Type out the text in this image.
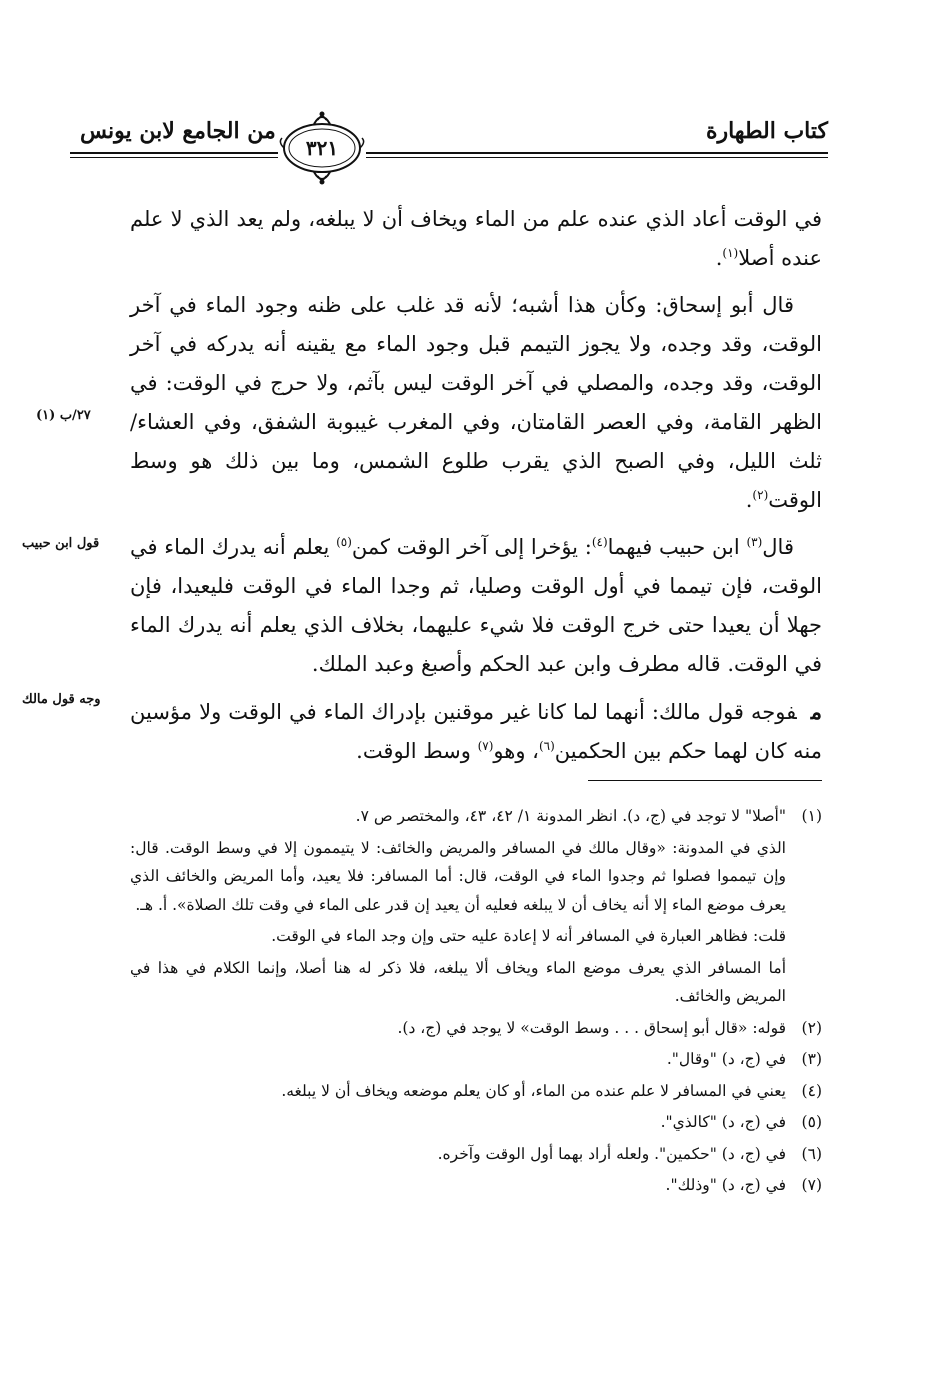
كتاب الطهارة
من الجامع لابن يونس
٣٢١
٢٧/ب (١)
قول ابن حبيب
وجه قول مالك

في الوقت أعاد الذي عنده علم من الماء ويخاف أن لا يبلغه، ولم يعد الذي لا علم عنده أصلا$^{(١)}$.

قال أبو إسحاق: وكأن هذا أشبه؛ لأنه قد غلب على ظنه وجود الماء في آخر الوقت، وقد وجده، ولا يجوز التيمم قبل وجود الماء مع يقينه أنه يدركه في آخر الوقت، وقد وجده، والمصلي في آخر الوقت ليس بآثم، ولا حرج في الوقت: في الظهر القامة، وفي العصر القامتان، وفي المغرب غيبوبة الشفق، وفي العشاء/ ثلث الليل، وفي الصبح الذي يقرب طلوع الشمس، وما بين ذلك هو وسط الوقت$^{(٢)}$.

قال$^{(٣)}$ ابن حبيب فيهما$^{(٤)}$: يؤخرا إلى آخر الوقت كمن$^{(٥)}$ يعلم أنه يدرك الماء في الوقت، فإن تيمما في أول الوقت وصليا، ثم وجدا الماء في الوقت فليعيدا، فإن جهلا أن يعيدا حتى خرج الوقت فلا شيء عليهما، بخلاف الذي يعلم أنه يدرك الماء في الوقت. قاله مطرف وابن عبد الحكم وأصبغ وعبد الملك.

مفوجه قول مالك: أنهما لما كانا غير موقنين بإدراك الماء في الوقت ولا مؤسين منه كان لهما حكم بين الحكمين$^{(٦)}$، وهو$^{(٧)}$ وسط الوقت.

(١)
"أصلا" لا توجد في (ج، د). انظر المدونة ١/ ٤٢، ٤٣، والمختصر ص ٧.
الذي في المدونة: «وقال مالك في المسافر والمريض والخائف: لا يتيممون إلا في وسط الوقت. قال: وإن تيمموا فصلوا ثم وجدوا الماء في الوقت، قال: أما المسافر: فلا يعيد، وأما المريض والخائف الذي يعرف موضع الماء إلا أنه يخاف أن لا يبلغه فعليه أن يعيد إن قدر على الماء في وقت تلك الصلاة». أ. هـ.
قلت: فظاهر العبارة في المسافر أنه لا إعادة عليه حتى وإن وجد الماء في الوقت.
أما المسافر الذي يعرف موضع الماء ويخاف ألا يبلغه، فلا ذكر له هنا أصلا، وإنما الكلام في هذا في المريض والخائف.
(٢)
قوله: «قال أبو إسحاق . . . وسط الوقت» لا يوجد في (ج، د).
(٣)
في (ج، د) "وقال".
(٤)
يعني في المسافر لا علم عنده من الماء، أو كان يعلم موضعه ويخاف أن لا يبلغه.
(٥)
في (ج، د) "كالذي".
(٦)
في (ج، د) "حكمين". ولعله أراد بهما أول الوقت وآخره.
(٧)
في (ج، د) "وذلك".
